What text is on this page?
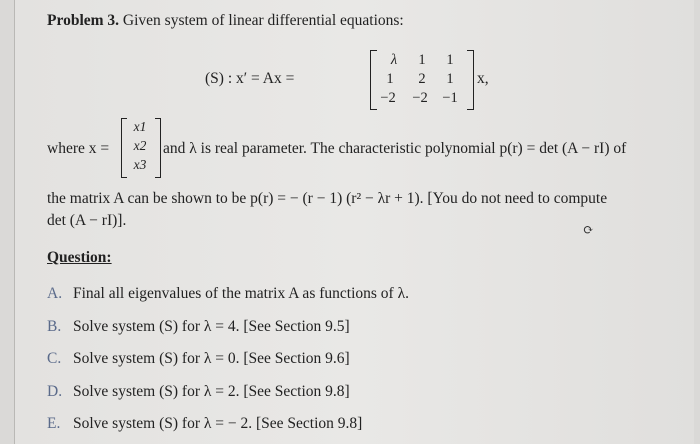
Problem 3. Given system of linear differential equations:
(S) : x′ = Ax =
λ	1	1
1	2	1
−2	−2	−1
x,
where x =
x1
x2
x3
and λ is real parameter. The characteristic polynomial p(r) = det (A − rI) of
the matrix A can be shown to be p(r) = − (r − 1) (r² − λr + 1). [You do not need to compute
det (A − rI)].
⟳
Question:
A. Final all eigenvalues of the matrix A as functions of λ.
B. Solve system (S) for λ = 4. [See Section 9.5]
C. Solve system (S) for λ = 0. [See Section 9.6]
D. Solve system (S) for λ = 2. [See Section 9.8]
E. Solve system (S) for λ = − 2. [See Section 9.8]
